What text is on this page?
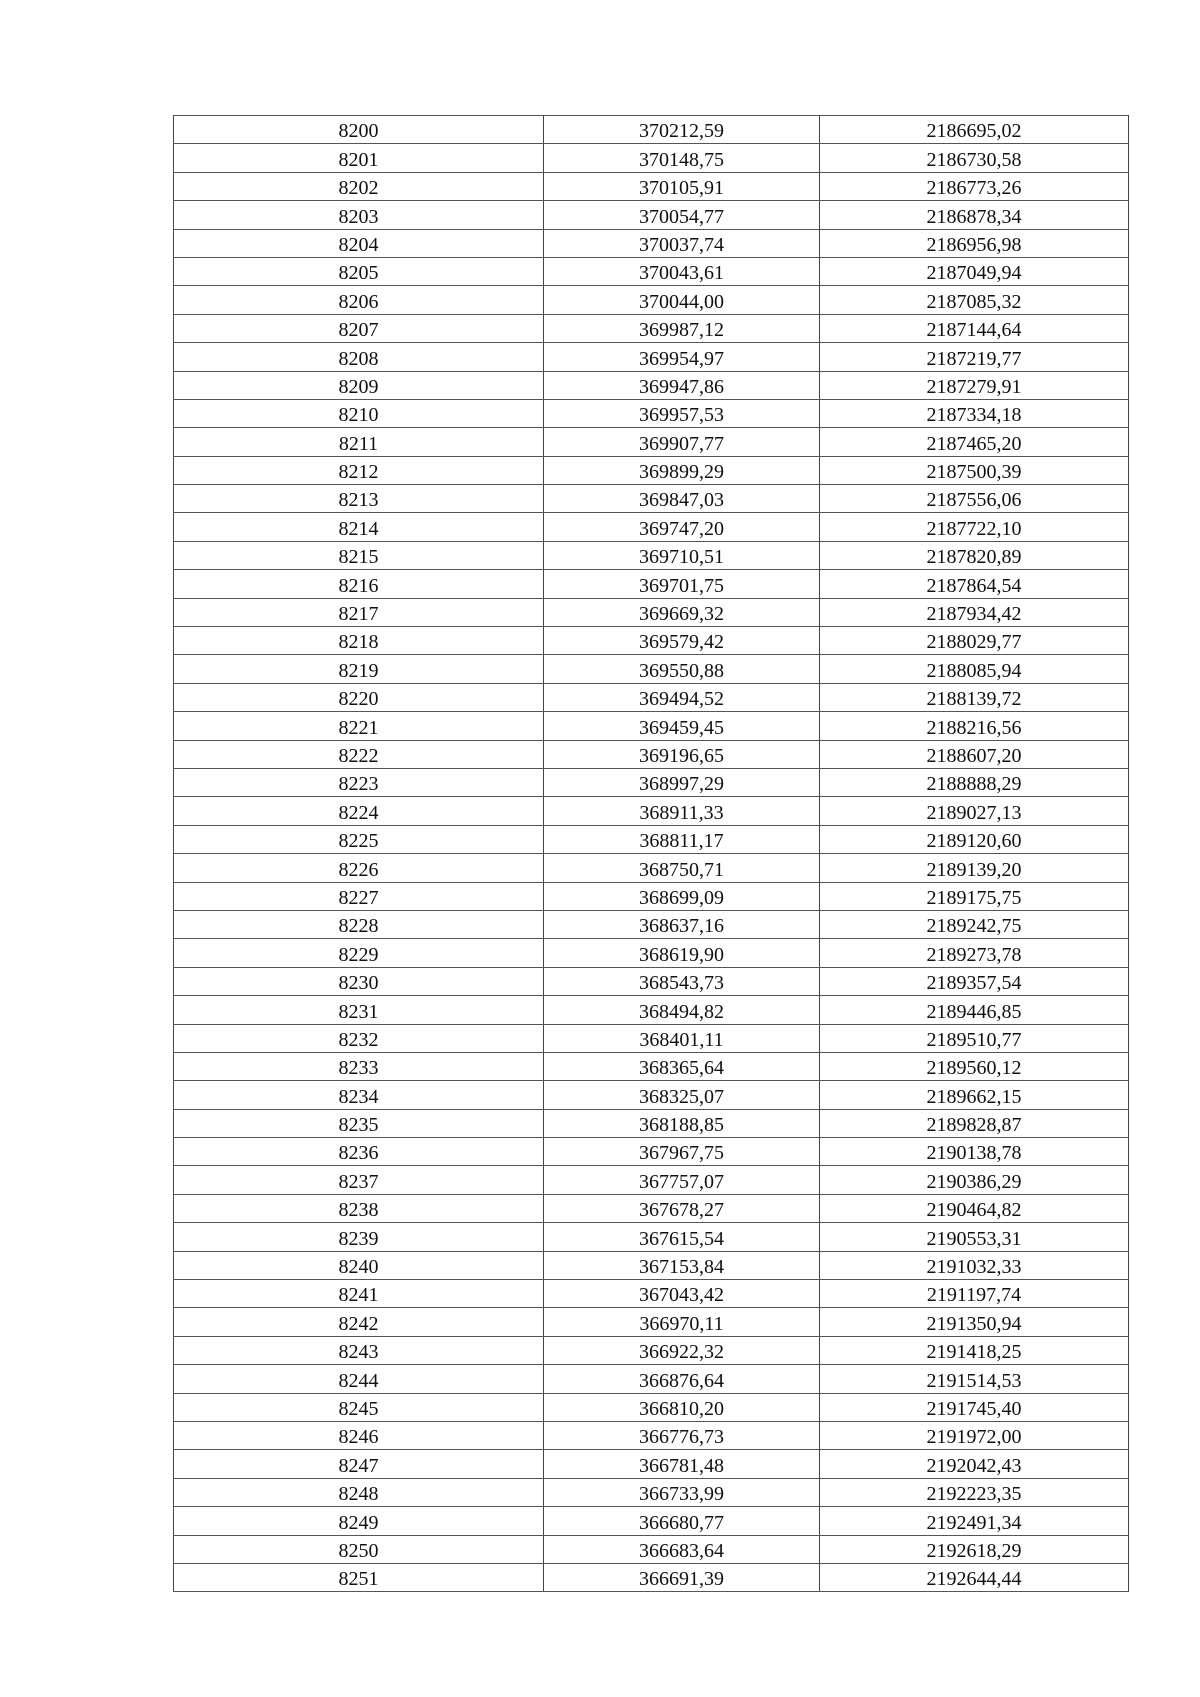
8200	370212,59	2186695,02
8201	370148,75	2186730,58
8202	370105,91	2186773,26
8203	370054,77	2186878,34
8204	370037,74	2186956,98
8205	370043,61	2187049,94
8206	370044,00	2187085,32
8207	369987,12	2187144,64
8208	369954,97	2187219,77
8209	369947,86	2187279,91
8210	369957,53	2187334,18
8211	369907,77	2187465,20
8212	369899,29	2187500,39
8213	369847,03	2187556,06
8214	369747,20	2187722,10
8215	369710,51	2187820,89
8216	369701,75	2187864,54
8217	369669,32	2187934,42
8218	369579,42	2188029,77
8219	369550,88	2188085,94
8220	369494,52	2188139,72
8221	369459,45	2188216,56
8222	369196,65	2188607,20
8223	368997,29	2188888,29
8224	368911,33	2189027,13
8225	368811,17	2189120,60
8226	368750,71	2189139,20
8227	368699,09	2189175,75
8228	368637,16	2189242,75
8229	368619,90	2189273,78
8230	368543,73	2189357,54
8231	368494,82	2189446,85
8232	368401,11	2189510,77
8233	368365,64	2189560,12
8234	368325,07	2189662,15
8235	368188,85	2189828,87
8236	367967,75	2190138,78
8237	367757,07	2190386,29
8238	367678,27	2190464,82
8239	367615,54	2190553,31
8240	367153,84	2191032,33
8241	367043,42	2191197,74
8242	366970,11	2191350,94
8243	366922,32	2191418,25
8244	366876,64	2191514,53
8245	366810,20	2191745,40
8246	366776,73	2191972,00
8247	366781,48	2192042,43
8248	366733,99	2192223,35
8249	366680,77	2192491,34
8250	366683,64	2192618,29
8251	366691,39	2192644,44
